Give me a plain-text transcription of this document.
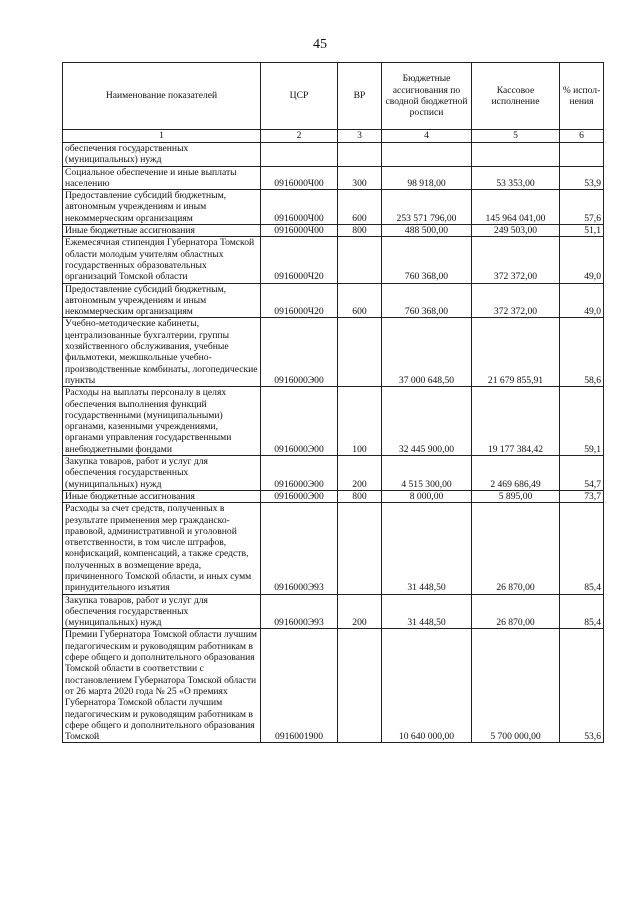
45
Наименование показателей	ЦСР	ВР	Бюджетные ассигнования по сводной бюджетной росписи	Кассовое исполнение	% испол-нения
1	2	3	4	5	6
обеспечения государственных (муниципальных) нужд					
Социальное обеспечение и иные выплаты населению	0916000Ч00	300	98 918,00	53 353,00	53,9
Предоставление субсидий бюджетным, автономным учреждениям и иным некоммерческим организациям	0916000Ч00	600	253 571 796,00	145 964 041,00	57,6
Иные бюджетные ассигнования	0916000Ч00	800	488 500,00	249 503,00	51,1
Ежемесячная стипендия Губернатора Томской области молодым учителям областных государственных образовательных организаций Томской области	0916000Ч20		760 368,00	372 372,00	49,0
Предоставление субсидий бюджетным, автономным учреждениям и иным некоммерческим организациям	0916000Ч20	600	760 368,00	372 372,00	49,0
Учебно-методические кабинеты, централизованные бухгалтерии, группы хозяйственного обслуживания, учебные фильмотеки, межшкольные учебно-производственные комбинаты, логопедические пункты	0916000Э00		37 000 648,50	21 679 855,91	58,6
Расходы на выплаты персоналу в целях обеспечения выполнения функций государственными (муниципальными) органами, казенными учреждениями, органами управления государственными внебюджетными фондами	0916000Э00	100	32 445 900,00	19 177 384,42	59,1
Закупка товаров, работ и услуг для обеспечения государственных (муниципальных) нужд	0916000Э00	200	4 515 300,00	2 469 686,49	54,7
Иные бюджетные ассигнования	0916000Э00	800	8 000,00	5 895,00	73,7
Расходы за счет средств, полученных в результате применения мер гражданско-правовой, административной и уголовной ответственности, в том числе штрафов, конфискаций, компенсаций, а также средств, полученных в возмещение вреда, причиненного Томской области, и иных сумм принудительного изъятия	0916000Э93		31 448,50	26 870,00	85,4
Закупка товаров, работ и услуг для обеспечения государственных (муниципальных) нужд	0916000Э93	200	31 448,50	26 870,00	85,4
Премии Губернатора Томской области лучшим педагогическим и руководящим работникам в сфере общего и дополнительного образования Томской области в соответствии с постановлением Губернатора Томской области от 26 марта 2020 года № 25 «О премиях Губернатора Томской области лучшим педагогическим и руководящим работникам в сфере общего и дополнительного образования Томской	0916001900		10 640 000,00	5 700 000,00	53,6
